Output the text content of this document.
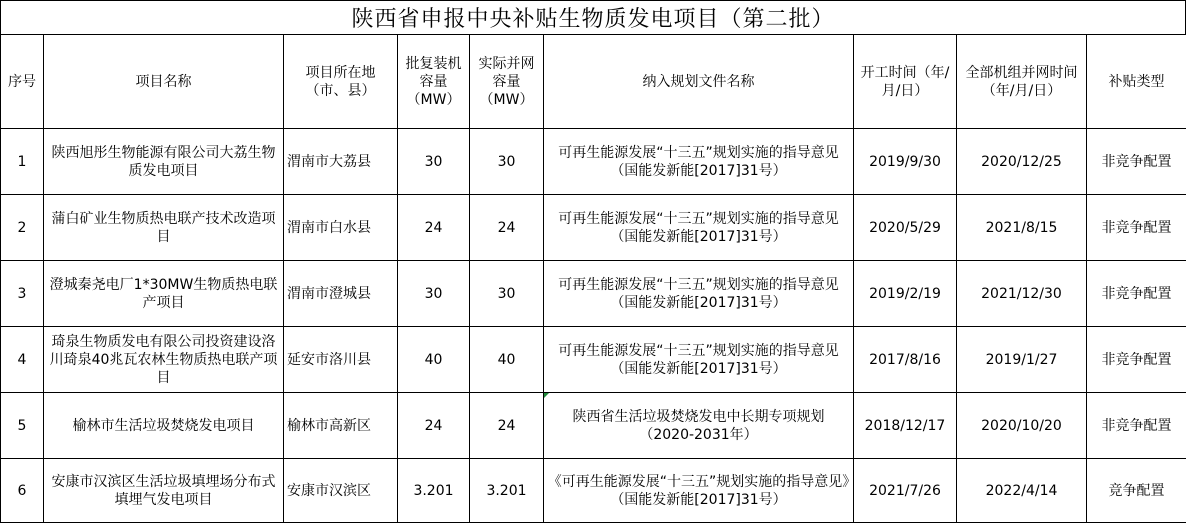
陕西省申报中央补贴生物质发电项目（第二批）
序号	项目名称	项目所在地（市、县）	批复装机容量（MW）	实际并网容量（MW）	纳入规划文件名称	开工时间（年/月/日）	全部机组并网时间（年/月/日）	补贴类型
1	陕西旭彤生物能源有限公司大荔生物质发电项目	渭南市大荔县	30	30	可再生能源发展“十三五”规划实施的指导意见（国能发新能[2017]31号）	2019/9/30	2020/12/25	非竞争配置
2	蒲白矿业生物质热电联产技术改造项目	渭南市白水县	24	24	可再生能源发展“十三五”规划实施的指导意见（国能发新能[2017]31号）	2020/5/29	2021/8/15	非竞争配置
3	澄城秦尧电厂1*30MW生物质热电联产项目	渭南市澄城县	30	30	可再生能源发展“十三五”规划实施的指导意见（国能发新能[2017]31号）	2019/2/19	2021/12/30	非竞争配置
4	琦泉生物质发电有限公司投资建设洛川琦泉40兆瓦农林生物质热电联产项目	延安市洛川县	40	40	可再生能源发展“十三五”规划实施的指导意见（国能发新能[2017]31号）	2017/8/16	2019/1/27	非竞争配置
5	榆林市生活垃圾焚烧发电项目	榆林市高新区	24	24	陕西省生活垃圾焚烧发电中长期专项规划（2020-2031年）	2018/12/17	2020/10/20	非竞争配置
6	安康市汉滨区生活垃圾填埋场分布式填埋气发电项目	安康市汉滨区	3.201	3.201	《可再生能源发展“十三五”规划实施的指导意见》（国能发新能[2017]31号）	2021/7/26	2022/4/14	竞争配置
